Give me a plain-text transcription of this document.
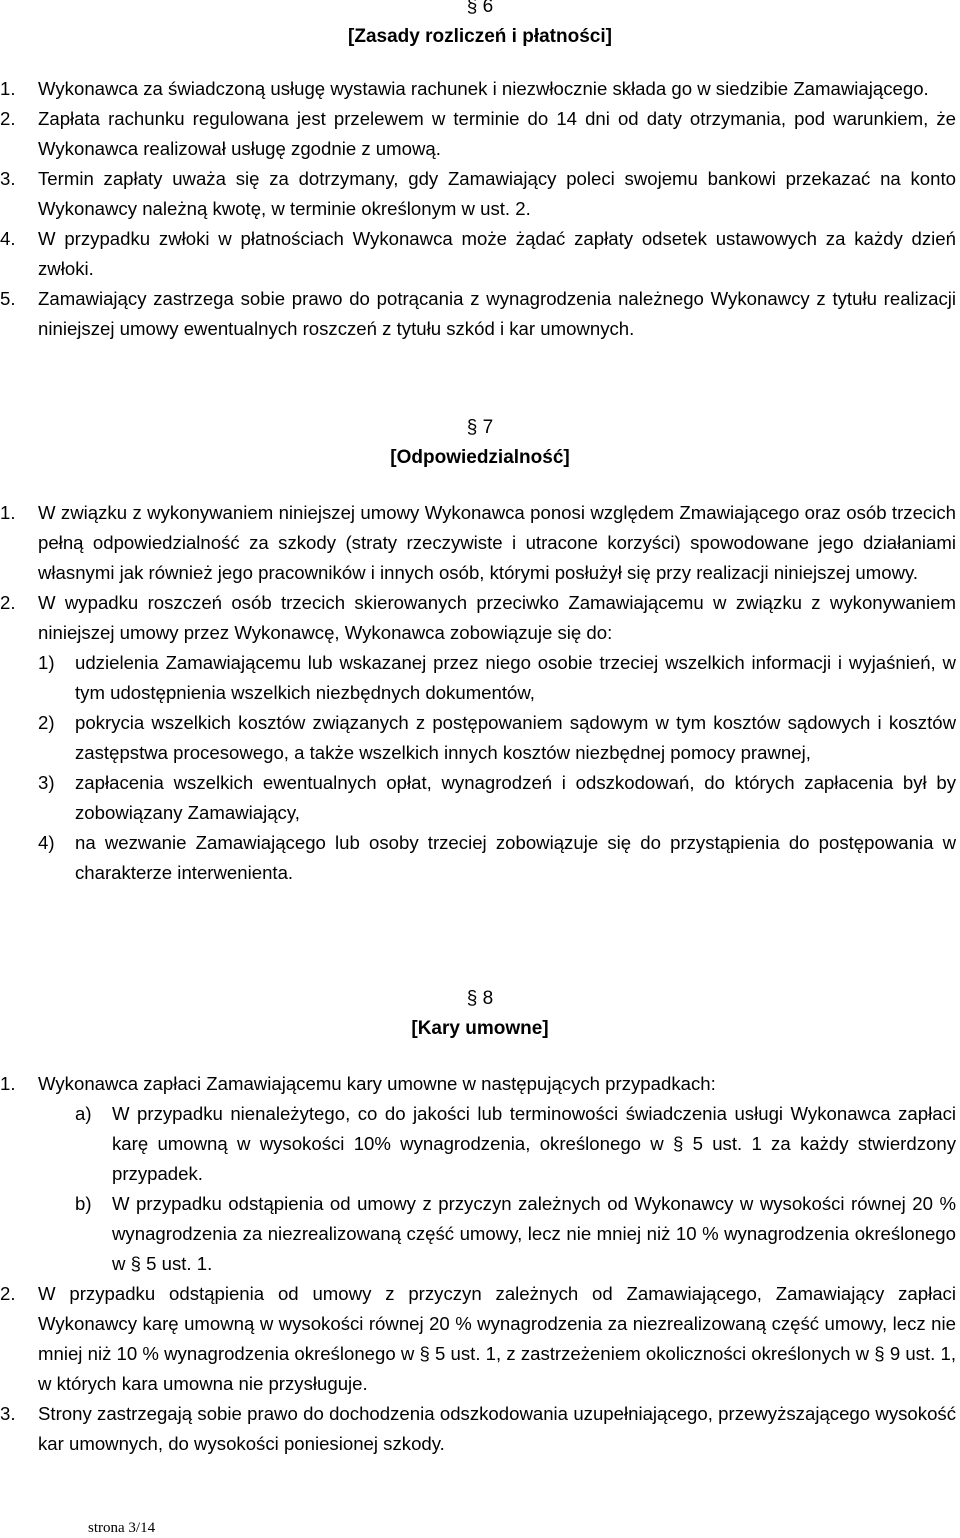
§ 6
[Zasady rozliczeń i płatności]
1. Wykonawca za świadczoną usługę wystawia rachunek i niezwłocznie składa go w siedzibie Zamawiającego.
2. Zapłata rachunku regulowana jest przelewem w terminie do 14 dni od daty otrzymania, pod warunkiem, że Wykonawca realizował usługę zgodnie z umową.
3. Termin zapłaty uważa się za dotrzymany, gdy Zamawiający poleci swojemu bankowi przekazać na konto Wykonawcy należną kwotę, w terminie określonym w ust. 2.
4. W przypadku zwłoki w płatnościach Wykonawca może żądać zapłaty odsetek ustawowych za każdy dzień zwłoki.
5. Zamawiający zastrzega sobie prawo do potrącania z wynagrodzenia należnego Wykonawcy z tytułu realizacji niniejszej umowy ewentualnych roszczeń z tytułu szkód i kar umownych.
§ 7
[Odpowiedzialność]
1. W związku z wykonywaniem niniejszej umowy Wykonawca ponosi względem Zmawiającego oraz osób trzecich pełną odpowiedzialność za szkody (straty rzeczywiste i utracone korzyści) spowodowane jego działaniami własnymi jak również jego pracowników i innych osób, którymi posłużył się przy realizacji niniejszej umowy.
2. W wypadku roszczeń osób trzecich skierowanych przeciwko Zamawiającemu w związku z wykonywaniem niniejszej umowy przez Wykonawcę, Wykonawca zobowiązuje się do:
1) udzielenia Zamawiającemu lub wskazanej przez niego osobie trzeciej wszelkich informacji i wyjaśnień, w tym udostępnienia wszelkich niezbędnych dokumentów,
2) pokrycia wszelkich kosztów związanych z postępowaniem sądowym w tym kosztów sądowych i kosztów zastępstwa procesowego, a także wszelkich innych kosztów niezbędnej pomocy prawnej,
3) zapłacenia wszelkich ewentualnych opłat, wynagrodzeń i odszkodowań, do których zapłacenia był by zobowiązany Zamawiający,
4) na wezwanie Zamawiającego lub osoby trzeciej zobowiązuje się do przystąpienia do postępowania w charakterze interwenienta.
§ 8
[Kary umowne]
1. Wykonawca zapłaci Zamawiającemu kary umowne w następujących przypadkach:
a) W przypadku nienależytego, co do jakości lub terminowości świadczenia usługi Wykonawca zapłaci karę umowną w wysokości 10% wynagrodzenia, określonego w § 5 ust. 1 za każdy stwierdzony przypadek.
b) W przypadku odstąpienia od umowy z przyczyn zależnych od Wykonawcy w wysokości równej 20 % wynagrodzenia za niezrealizowaną część umowy, lecz nie mniej niż 10 % wynagrodzenia określonego w § 5 ust. 1.
2. W przypadku odstąpienia od umowy z przyczyn zależnych od Zamawiającego, Zamawiający zapłaci Wykonawcy karę umowną w wysokości równej 20 % wynagrodzenia za niezrealizowaną część umowy, lecz nie mniej niż 10 % wynagrodzenia określonego w § 5 ust. 1, z zastrzeżeniem okoliczności określonych w § 9 ust. 1, w których kara umowna nie przysługuje.
3. Strony zastrzegają sobie prawo do dochodzenia odszkodowania uzupełniającego, przewyższającego wysokość kar umownych, do wysokości poniesionej szkody.
strona 3/14
